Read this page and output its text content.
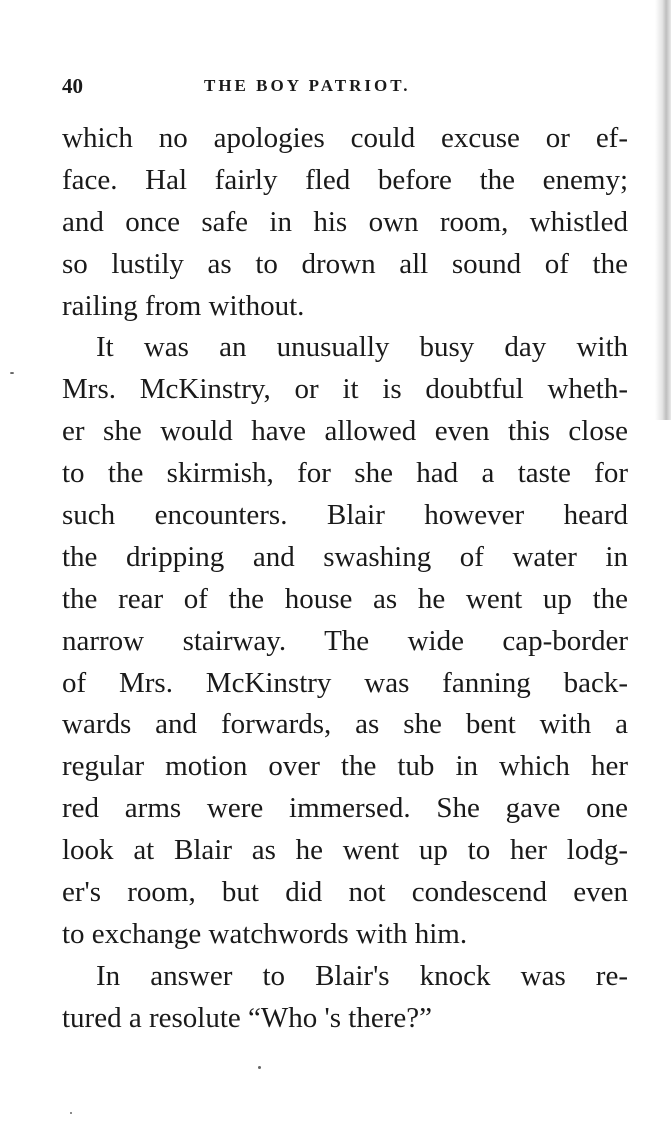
40	THE BOY PATRIOT.
which no apologies could excuse or ef-
face. Hal fairly fled before the enemy;
and once safe in his own room, whistled
so lustily as to drown all sound of the
railing from without.
It was an unusually busy day with
Mrs. McKinstry, or it is doubtful wheth-
er she would have allowed even this close
to the skirmish, for she had a taste for
such encounters. Blair however heard
the dripping and swashing of water in
the rear of the house as he went up the
narrow stairway. The wide cap-border
of Mrs. McKinstry was fanning back-
wards and forwards, as she bent with a
regular motion over the tub in which her
red arms were immersed. She gave one
look at Blair as he went up to her lodg-
er's room, but did not condescend even
to exchange watchwords with him.
In answer to Blair's knock was re-
tured a resolute “Who 's there?”
